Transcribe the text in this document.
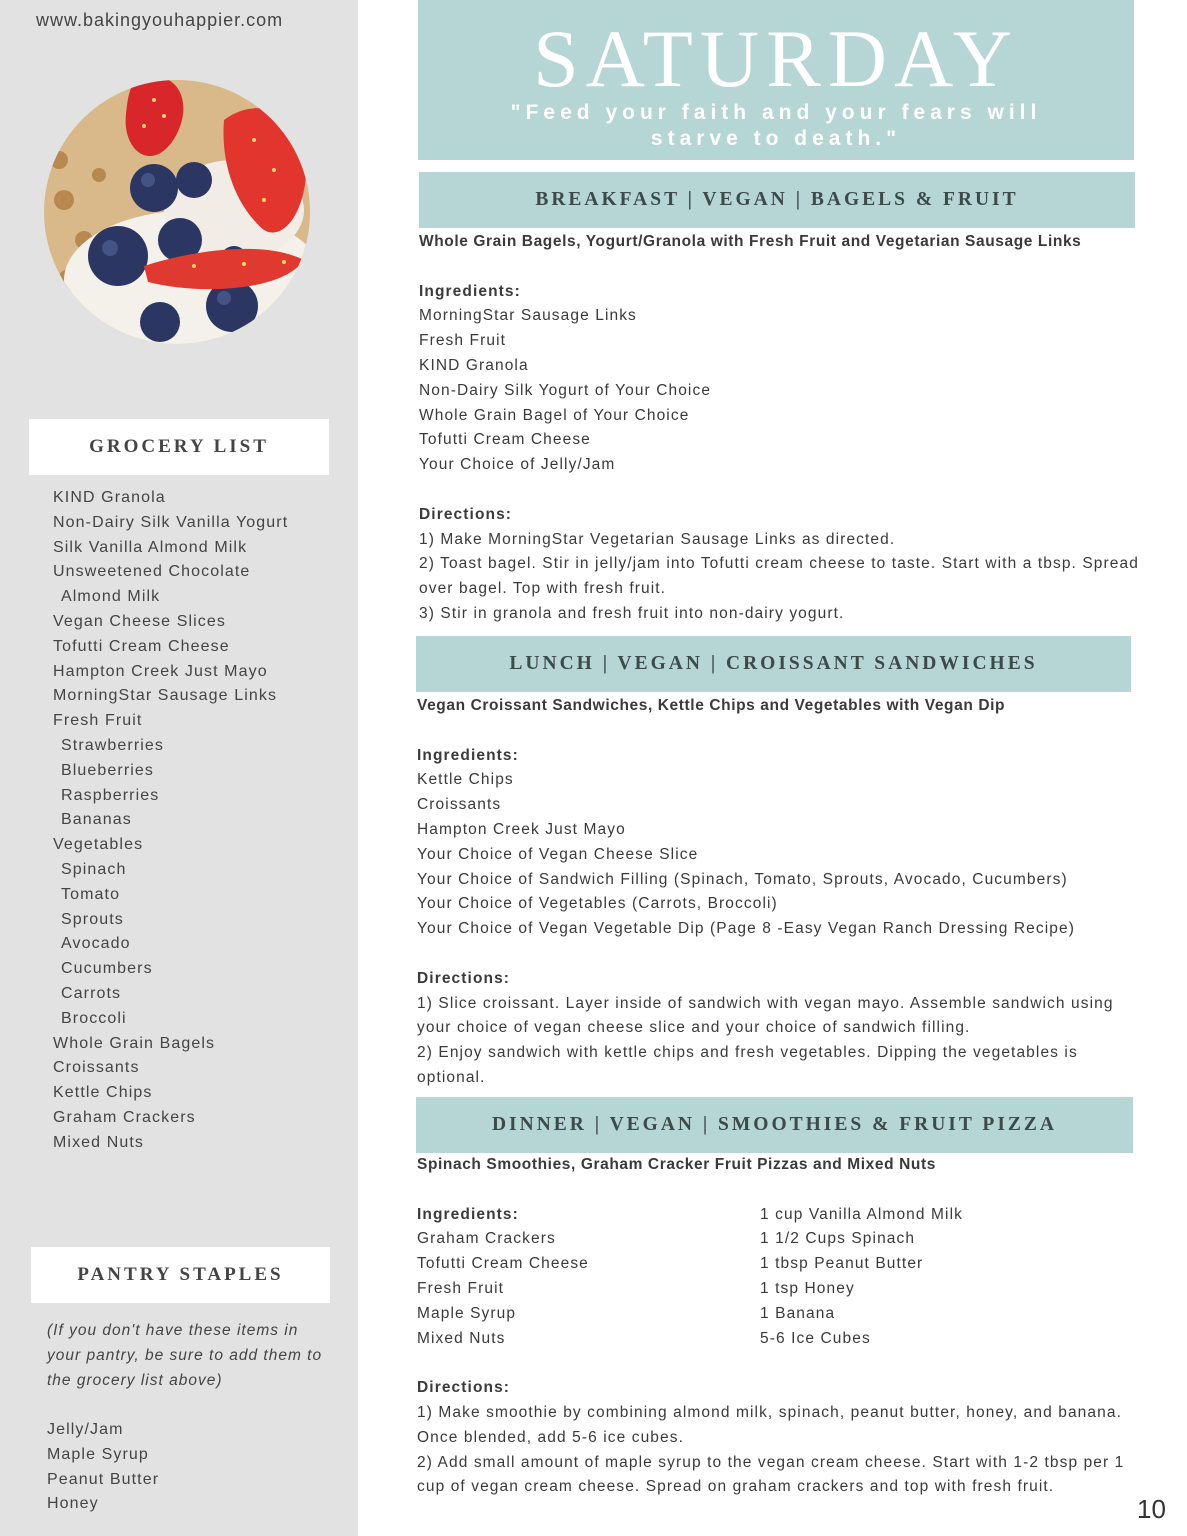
www.bakingyouhappier.com
GROCERY LIST
KIND Granola
Non-Dairy Silk Vanilla Yogurt
Silk Vanilla Almond Milk
Unsweetened Chocolate
Almond Milk
Vegan Cheese Slices
Tofutti Cream Cheese
Hampton Creek Just Mayo
MorningStar Sausage Links
Fresh Fruit
Strawberries
Blueberries
Raspberries
Bananas
Vegetables
Spinach
Tomato
Sprouts
Avocado
Cucumbers
Carrots
Broccoli
Whole Grain Bagels
Croissants
Kettle Chips
Graham Crackers
Mixed Nuts
PANTRY STAPLES
(If you don't have these items in your pantry, be sure to add them to the grocery list above)
Jelly/Jam
Maple Syrup
Peanut Butter
Honey
SATURDAY
"Feed your faith and your fears will starve to death."
BREAKFAST | VEGAN | BAGELS & FRUIT
Whole Grain Bagels, Yogurt/Granola with Fresh Fruit and Vegetarian Sausage Links
Ingredients:
MorningStar Sausage Links
Fresh Fruit
KIND Granola
Non-Dairy Silk Yogurt of Your Choice
Whole Grain Bagel of Your Choice
Tofutti Cream Cheese
Your Choice of Jelly/Jam
Directions:
1) Make MorningStar Vegetarian Sausage Links as directed.
2) Toast bagel. Stir in jelly/jam into Tofutti cream cheese to taste. Start with a tbsp. Spread over bagel. Top with fresh fruit.
3) Stir in granola and fresh fruit into non-dairy yogurt.
LUNCH | VEGAN | CROISSANT SANDWICHES
Vegan Croissant Sandwiches, Kettle Chips and Vegetables with Vegan Dip
Ingredients:
Kettle Chips
Croissants
Hampton Creek Just Mayo
Your Choice of Vegan Cheese Slice
Your Choice of Sandwich Filling (Spinach, Tomato, Sprouts, Avocado, Cucumbers)
Your Choice of Vegetables (Carrots, Broccoli)
Your Choice of Vegan Vegetable Dip (Page 8 -Easy Vegan Ranch Dressing Recipe)
Directions:
1) Slice croissant. Layer inside of sandwich with vegan mayo. Assemble sandwich using your choice of vegan cheese slice and your choice of sandwich filling.
2) Enjoy sandwich with kettle chips and fresh vegetables. Dipping the vegetables is optional.
DINNER | VEGAN | SMOOTHIES & FRUIT PIZZA
Spinach Smoothies, Graham Cracker Fruit Pizzas and Mixed Nuts
Ingredients:
Graham Crackers
Tofutti Cream Cheese
Fresh Fruit
Maple Syrup
Mixed Nuts
1 cup Vanilla Almond Milk
1 1/2 Cups Spinach
1 tbsp Peanut Butter
1 tsp Honey
1 Banana
5-6 Ice Cubes
Directions:
1) Make smoothie by combining almond milk, spinach, peanut butter, honey, and banana. Once blended, add 5-6 ice cubes.
2) Add small amount of maple syrup to the vegan cream cheese. Start with 1-2 tbsp per 1 cup of vegan cream cheese. Spread on graham crackers and top with fresh fruit.
10
